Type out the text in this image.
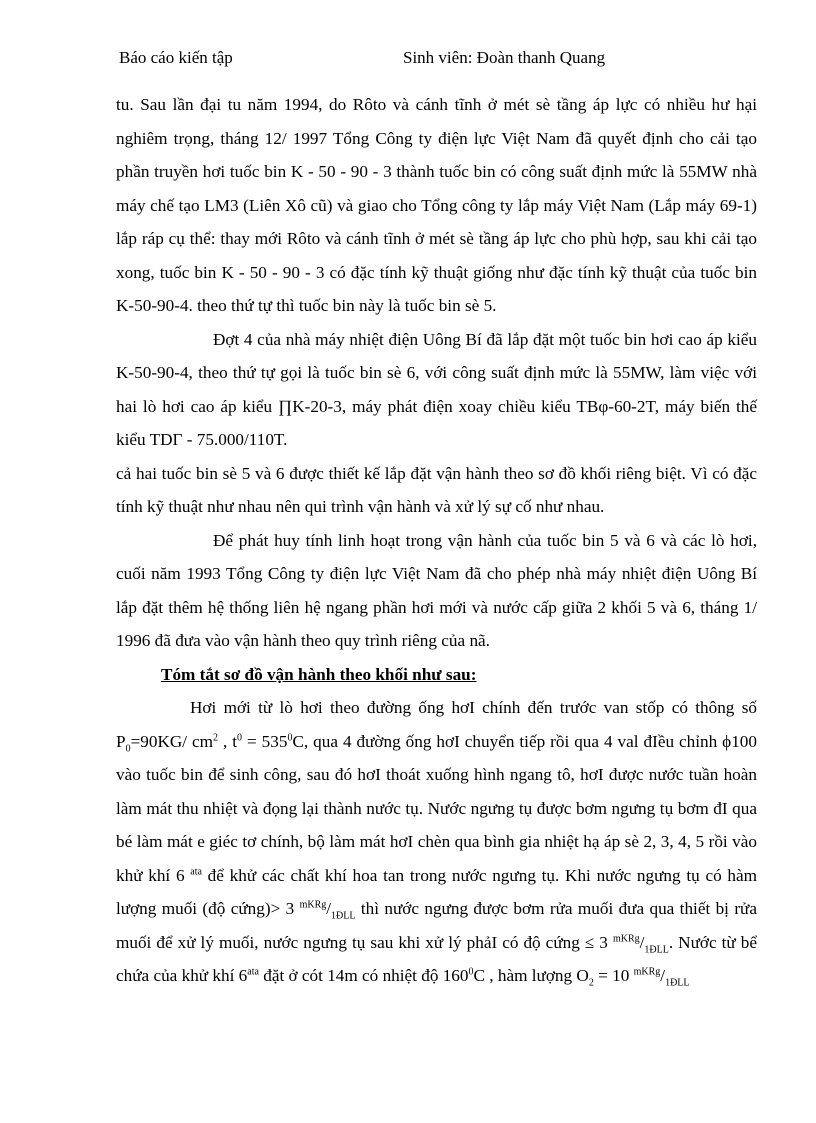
Báo cáo kiến tập	Sinh viên: Đoàn thanh Quang

tu. Sau lần đại tu năm 1994, do Rôto và cánh tĩnh ở mét sè tầng áp lực có nhiều hư hại nghiêm trọng, tháng 12/ 1997 Tổng Công ty điện lực Việt Nam đã quyết định cho cải tạo phần truyền hơi tuốc bin K - 50 - 90 - 3 thành tuốc bin có công suất định mức là 55MW nhà máy chế tạo LM3 (Liên Xô cũ) và giao cho Tổng công ty lắp máy Việt Nam (Lắp máy 69-1) lắp ráp cụ thể: thay mới Rôto và cánh tĩnh ở mét sè tầng áp lực cho phù hợp, sau khi cải tạo xong, tuốc bin K - 50 - 90 - 3 có đặc tính kỹ thuật giống như đặc tính kỹ thuật của tuốc bin K-50-90-4. theo thứ tự thì tuốc bin này là tuốc bin sè 5.

Đợt 4 của nhà máy nhiệt điện Uông Bí đã lắp đặt một tuốc bin hơi cao áp kiểu K-50-90-4, theo thứ tự gọi là tuốc bin sè 6, với công suất định mức là 55MW, làm việc với hai lò hơi cao áp kiểu ∏K-20-3, máy phát điện xoay chiều kiểu TBφ-60-2T, máy biến thế kiểu TDΓ - 75.000/110T.

cả hai tuốc bin sè 5 và 6 được thiết kế lắp đặt vận hành theo sơ đồ khối riêng biệt. Vì có đặc tính kỹ thuật như nhau nên qui trình vận hành và xử lý sự cố như nhau.

Để phát huy tính linh hoạt trong vận hành của tuốc bin 5 và 6 và các lò hơi, cuối năm 1993 Tổng Công ty điện lực Việt Nam đã cho phép nhà máy nhiệt điện Uông Bí lắp đặt thêm hệ thống liên hệ ngang phần hơi mới và nước cấp giữa 2 khối 5 và 6, tháng 1/ 1996 đã đưa vào vận hành theo quy trình riêng của nã.

Tóm tắt sơ đồ vận hành theo khối như sau:

Hơi mới từ lò hơi theo đường ống hơI chính đến trước van stốp có thông số $P_0=90KG/$ $cm^2$ , $t^0 = 535^0C$, qua 4 đường ống hơI chuyển tiếp rồi qua 4 val đIều chỉnh ϕ100 vào tuốc bin để sinh công, sau đó hơI thoát xuống hình ngang tô, hơI được nước tuần hoàn làm mát thu nhiệt và đọng lại thành nước tụ. Nước ngưng tụ được bơm ngưng tụ bơm đI qua bé làm mát e giéc tơ chính, bộ làm mát hơI chèn qua bình gia nhiệt hạ áp sè 2, 3, 4, 5 rồi vào khử khí 6 $^{ata}$ để khử các chất khí hoa tan trong nước ngưng tụ. Khi nước ngưng tụ có hàm lượng muối (độ cứng)> 3 $^{mKRg}/_{1ĐLL}$ thì nước ngưng được bơm rửa muối đưa qua thiết bị rửa muối để xử lý muối, nước ngưng tụ sau khi xử lý phảI có độ cứng ≤ 3 $^{mKRg}/_{1ĐLL}$. Nước từ bể chứa của khử khí $6^{ata}$ đặt ở cót 14m có nhiệt độ $160^0C$ , hàm lượng $O_2 = 10$ $^{mKRg}/_{1ĐLL}$
